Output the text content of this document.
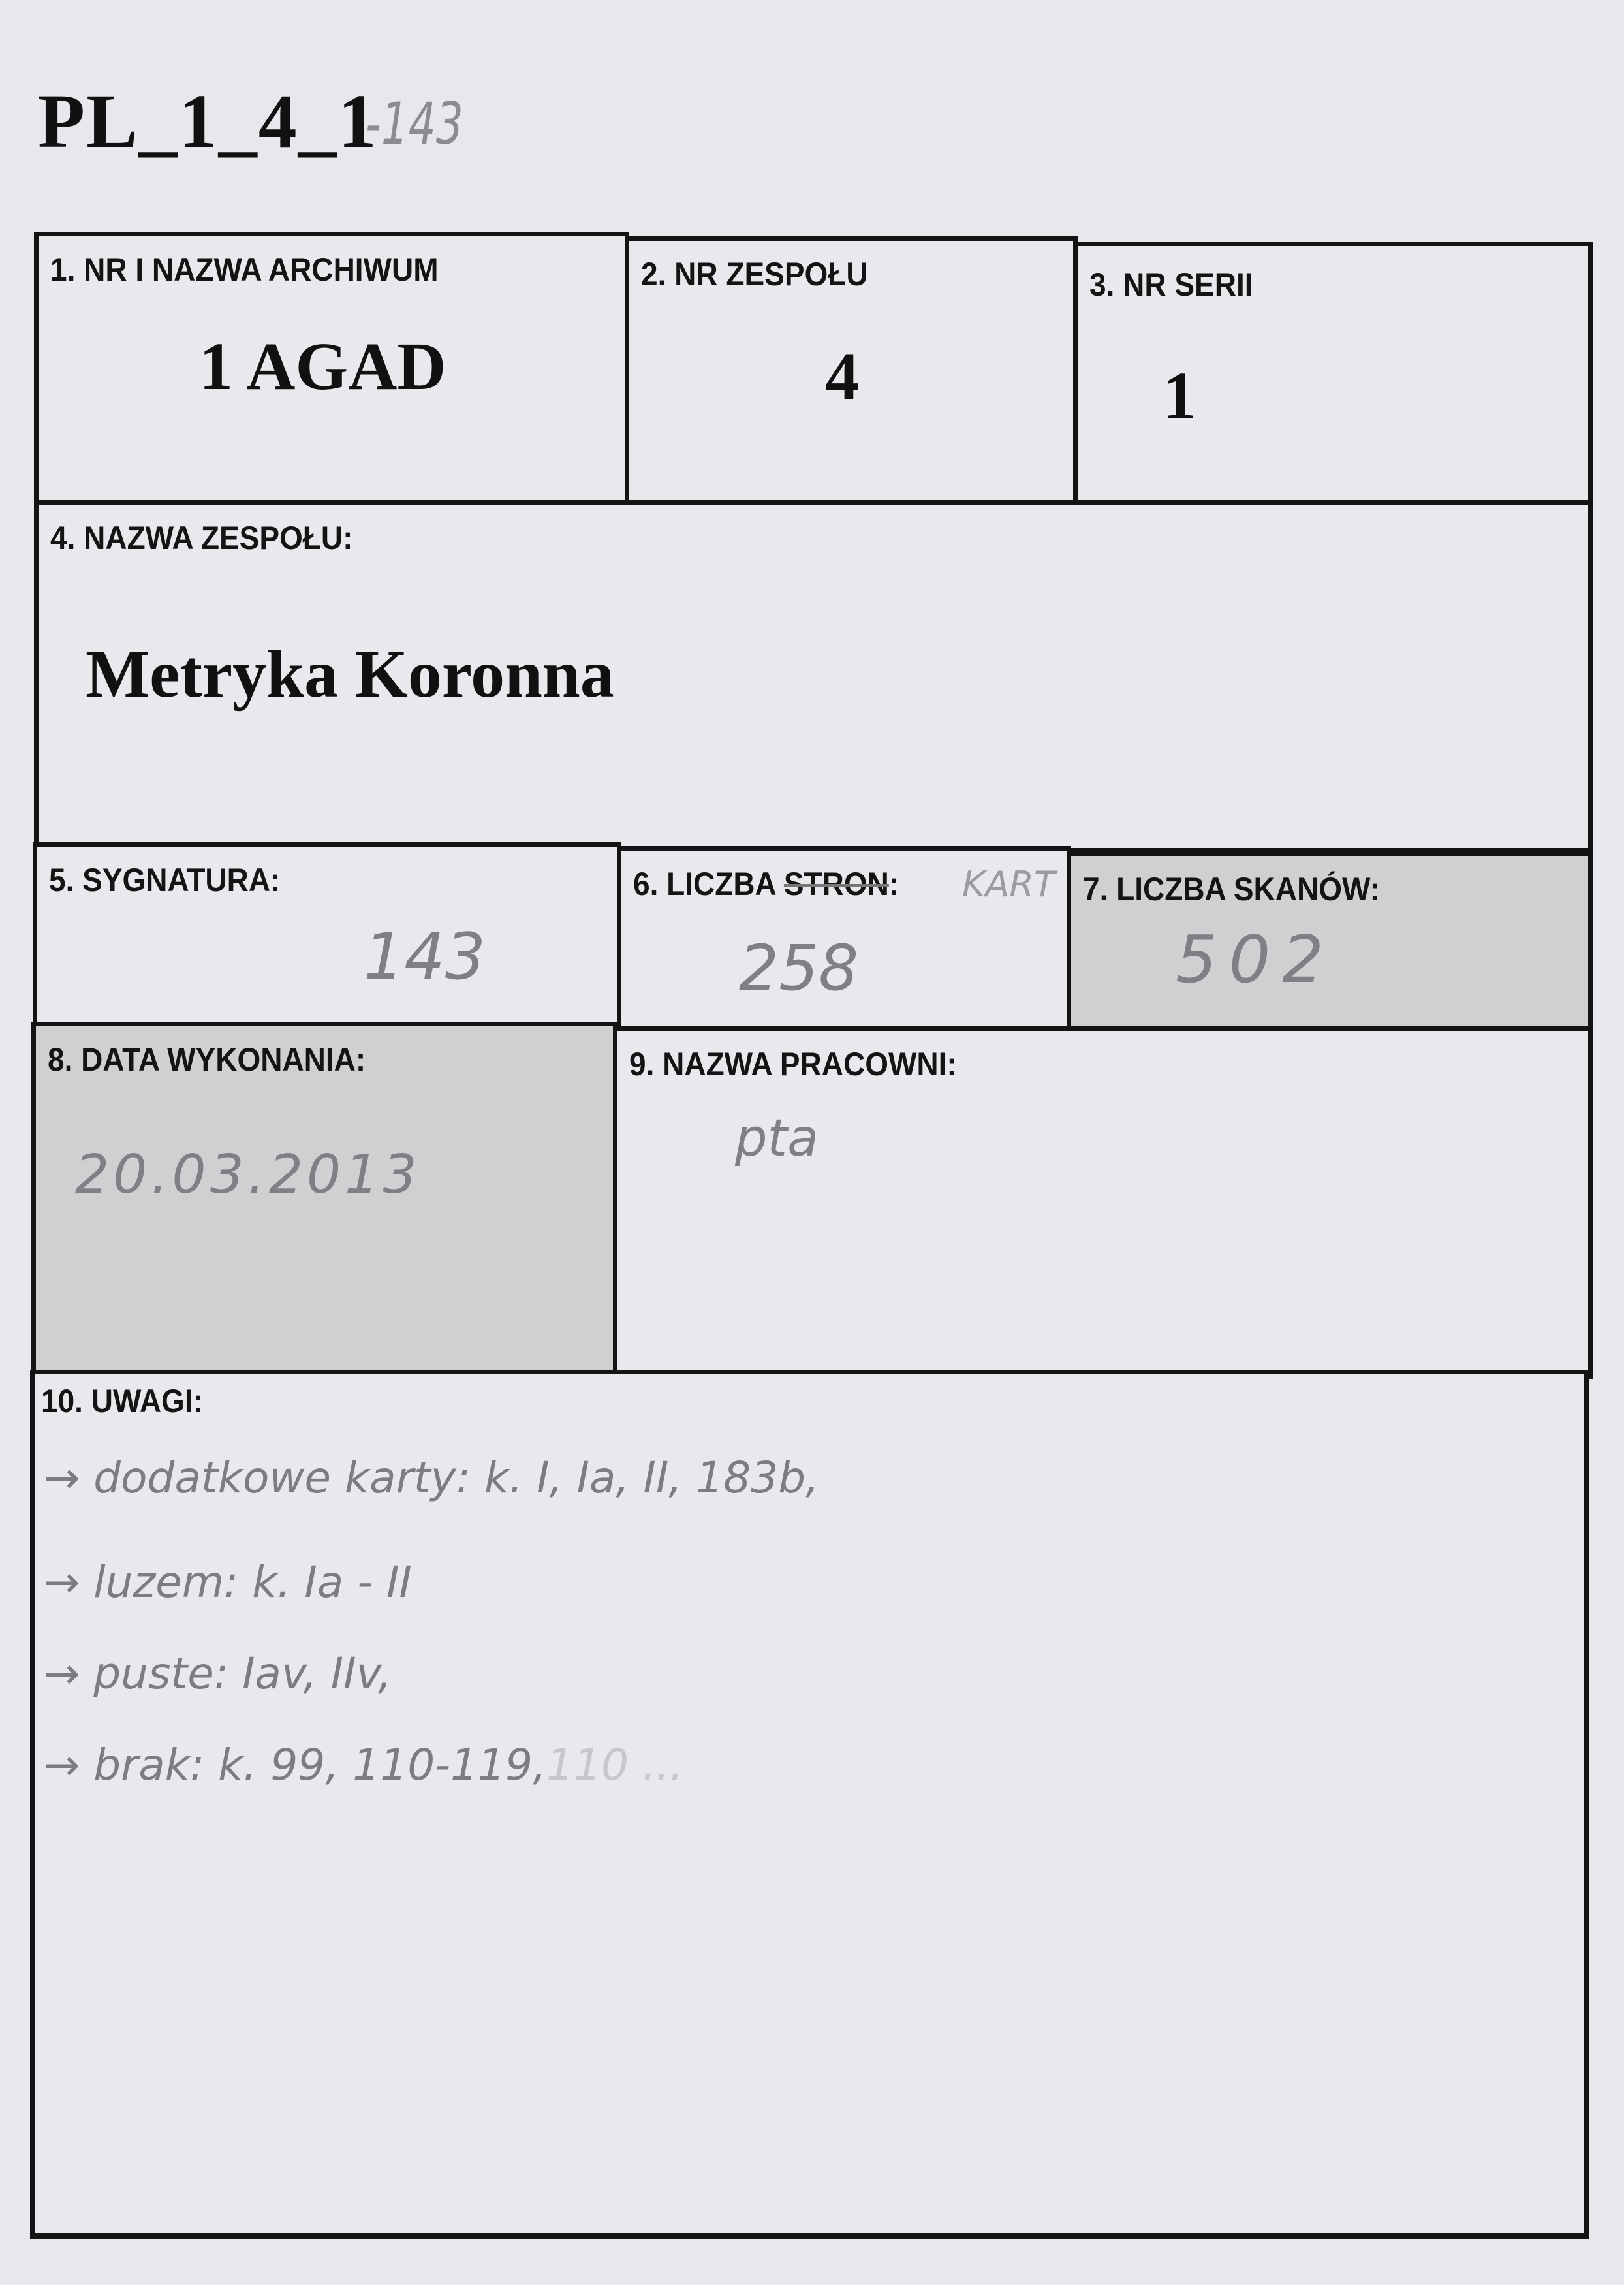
PL_1_4_1
-143
1. NR I NAZWA ARCHIWUM
1 AGAD
2. NR ZESPOŁU
4
3. NR SERII
1
4. NAZWA ZESPOŁU:
Metryka Koronna
5. SYGNATURA:
143
6. LICZBA STRON: KART
258
7. LICZBA SKANÓW:
502
8. DATA WYKONANIA:
20.03.2013
9. NAZWA PRACOWNI:
pta
10. UWAGI:
→ dodatkowe karty: k. I, Ia, II, 183b,
→ luzem: k. Ia - II
→ puste: Iav, IIv,
→ brak: k. 99, 110-119, 110 ...
